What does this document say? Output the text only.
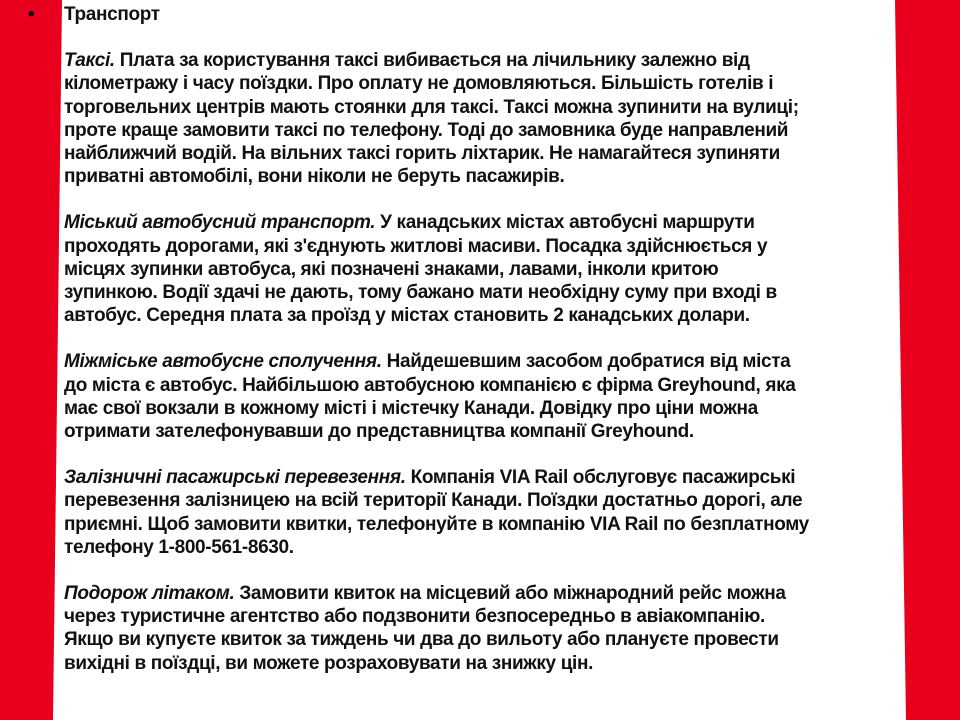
•	Транспорт
Таксі. Плата за користування таксі вибивається на лічильнику залежно від
кілометражу і часу поїздки. Про оплату не домовляються. Більшість готелів і
торговельних центрів мають стоянки для таксі. Таксі можна зупинити на вулиці;
проте краще замовити таксі по телефону. Тоді до замовника буде направлений
найближчий водій. На вільних таксі горить ліхтарик. Не намагайтеся зупиняти
приватні автомобілі, вони ніколи не беруть пасажирів.
Міський автобусний транспорт. У канадських містах автобусні маршрути
проходять дорогами, які з'єднують житлові масиви. Посадка здійснюється у
місцях зупинки автобуса, які позначені знаками, лавами, інколи критою
зупинкою. Водії здачі не дають, тому бажано мати необхідну суму при вході в
автобус. Середня плата за проїзд у містах становить 2 канадських долари.
Міжміське автобусне сполучення. Найдешевшим засобом добратися від міста
до міста є автобус. Найбільшою автобусною компанією є фірма Greyhound, яка
має свої вокзали в кожному місті і містечку Канади. Довідку про ціни можна
отримати зателефонувавши до представництва компанії Greyhound.
Залізничні пасажирські перевезення. Компанія VIA Rail обслуговує пасажирські
перевезення залізницею на всій території Канади. Поїздки достатньо дорогі, але
приємні. Щоб замовити квитки, телефонуйте в компанію VIA Rail по безплатному
телефону 1-800-561-8630.
Подорож літаком. Замовити квиток на місцевий або міжнародний рейс можна
через туристичне агентство або подзвонити безпосередньо в авіакомпанію.
Якщо ви купуєте квиток за тиждень чи два до вильоту або плануєте провести
вихідні в поїздці, ви можете розраховувати на знижку цін.
